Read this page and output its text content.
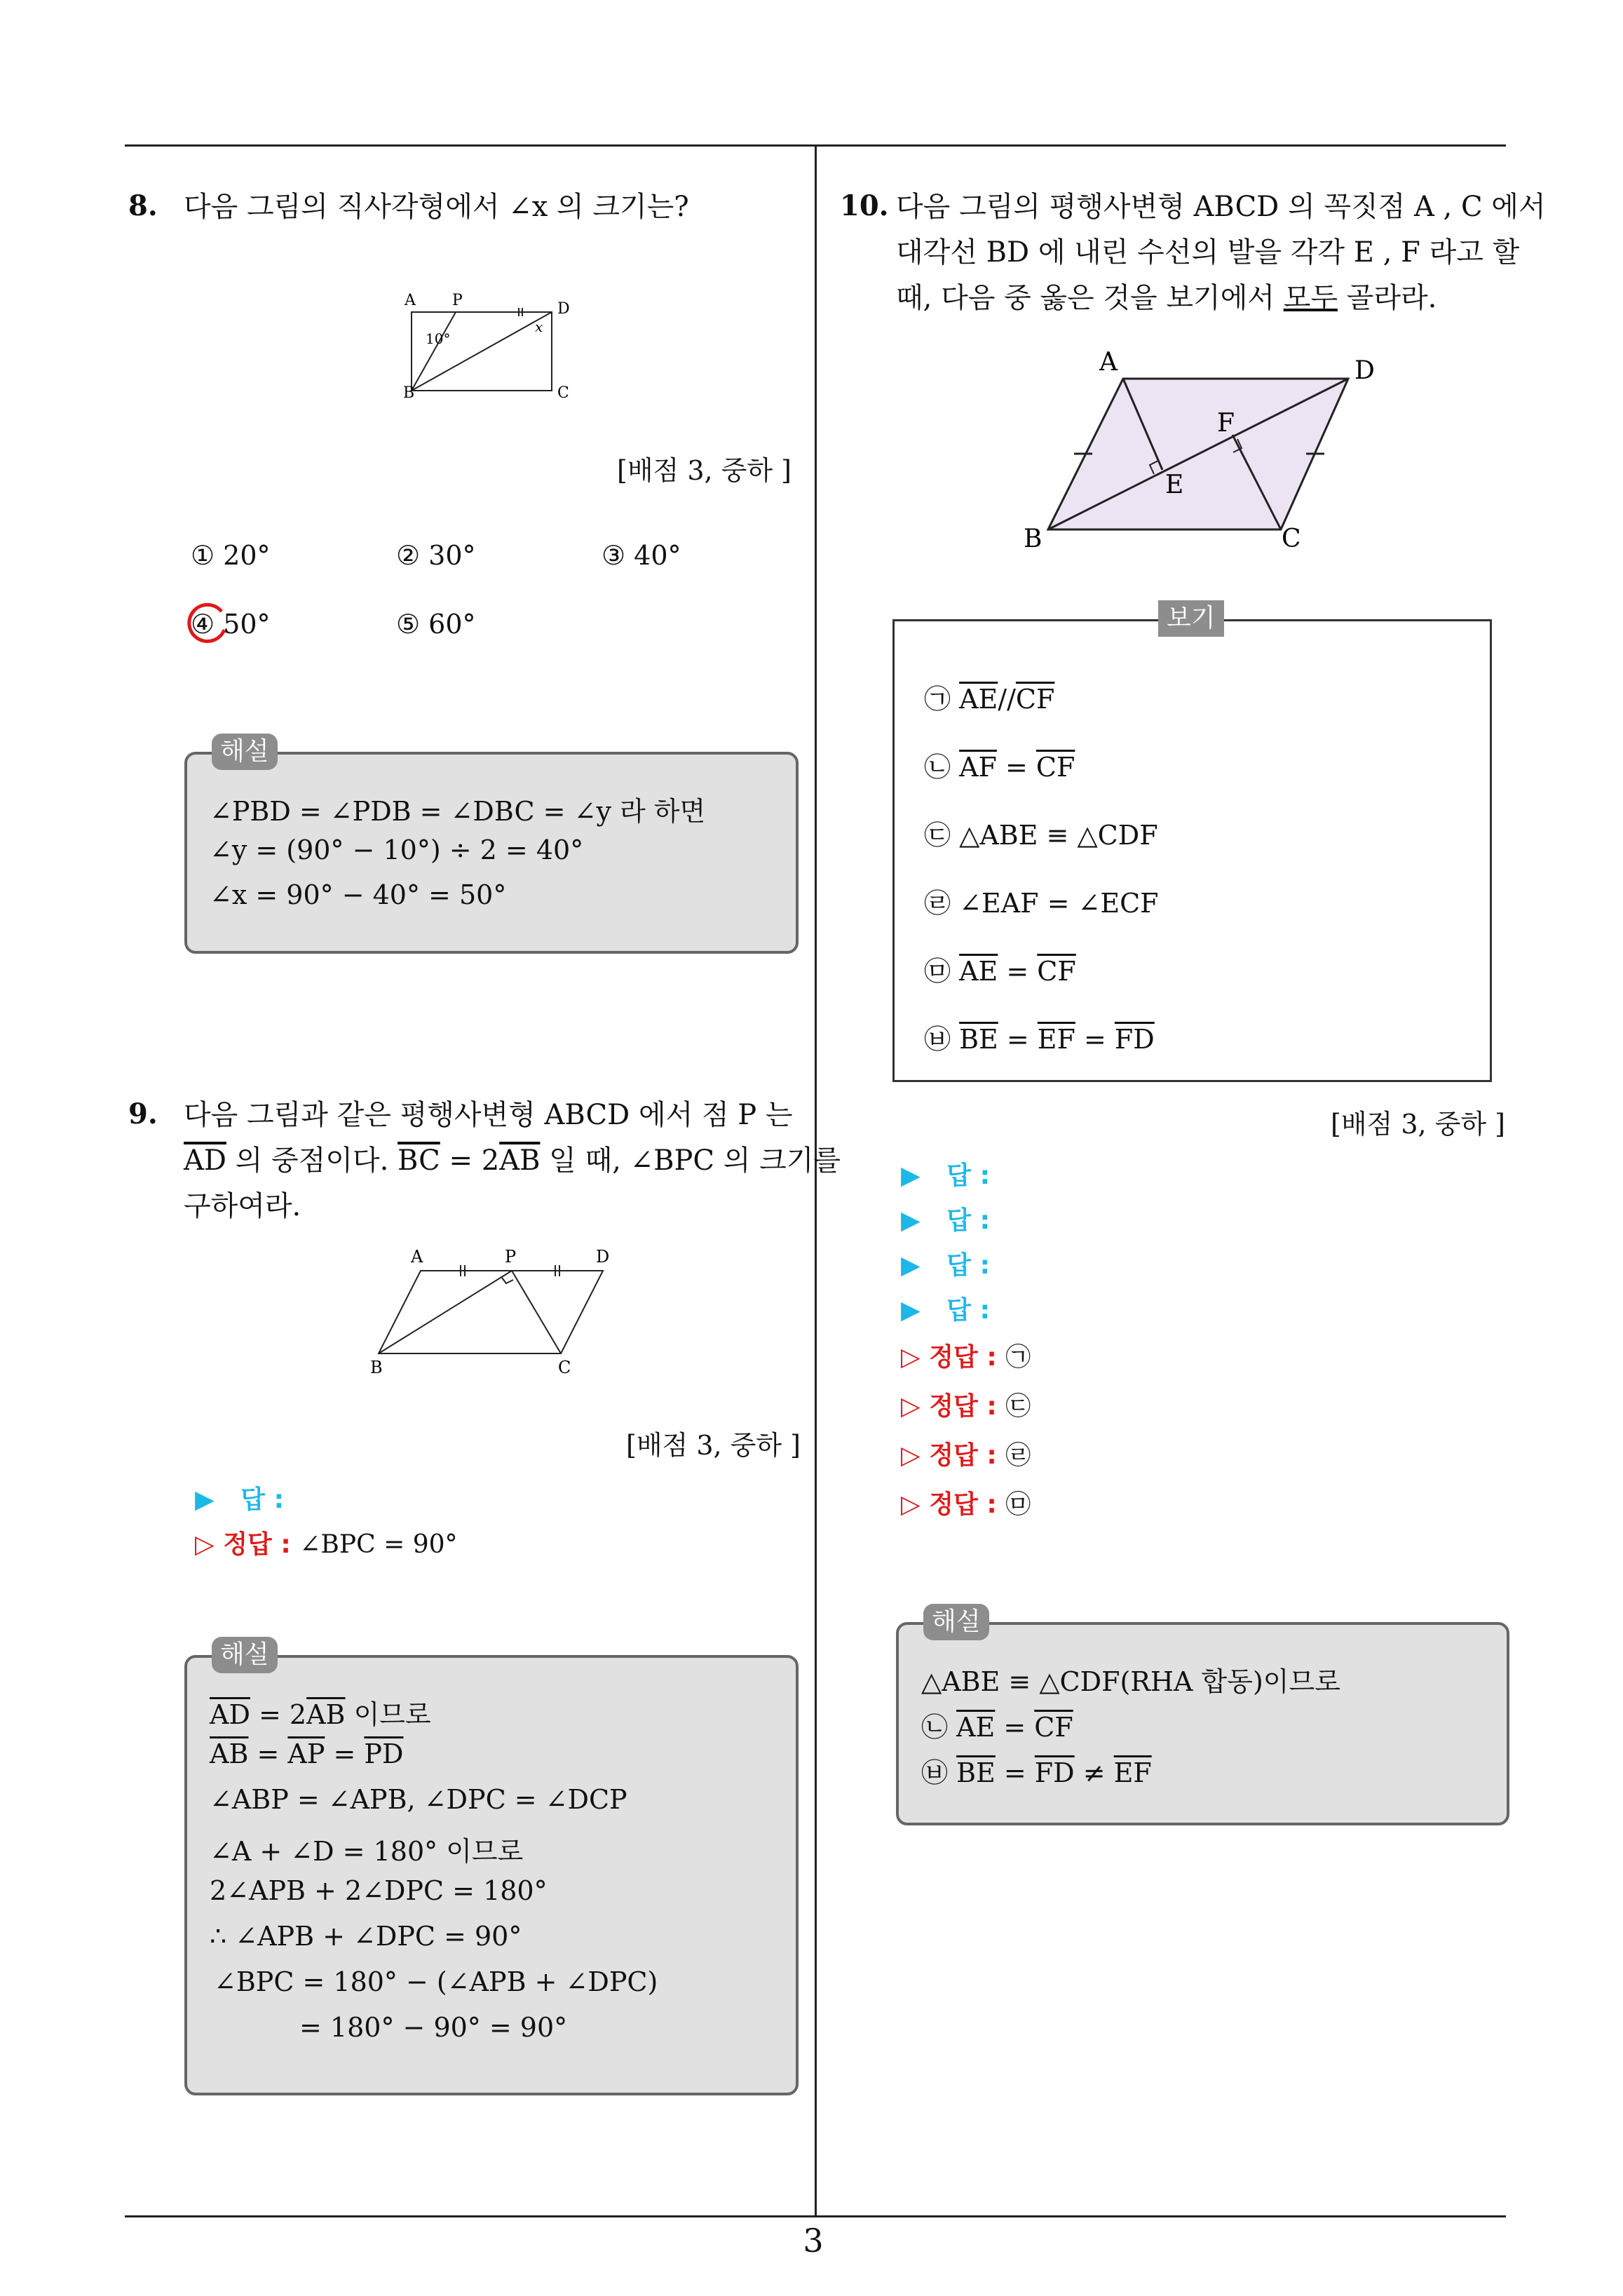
3
8. 다음 그림의 직사각형에서 ∠x 의 크기는?
A P	D
B	C
10°
x
[배점 3, 중하 ]
① 20°	② 30°	③ 40°
④ 50°	⑤ 60°
∠PBD = ∠PDB = ∠DBC = ∠y 라 하면
∠y = (90° − 10°) ÷ 2 = 40°
∠x = 90° − 40° = 50°
해설
9. 다음 그림과 같은 평행사변형 ABCD 에서 점 P 는
$\overline{AD}$ 의 중점이다. $\overline{BC} = 2\overline{AB}$ 일 때, ∠BPC 의 크기를
구하여라.
A	P	D
B	C
[배점 3, 중하 ]
▶ 답 :
▷ 정답 : ∠BPC = 90°
$\overline{AD} = 2\overline{AB}$ 이므로
$\overline{AB} = \overline{AP} = \overline{PD}$
∠ABP = ∠APB, ∠DPC = ∠DCP
∠A + ∠D = 180° 이므로
2∠APB + 2∠DPC = 180°
∴ ∠APB + ∠DPC = 90°
∠BPC = 180° − (∠APB + ∠DPC)
= 180° − 90° = 90°
해설
10. 다음 그림의 평행사변형 ABCD 의 꼭짓점 A , C 에서
대각선 BD 에 내린 수선의 발을 각각 E , F 라고 할
때, 다음 중 옳은 것을 보기에서 모두 골라라.
A	D
F
E
B	C
㉠ $\overline{AE}//\overline{CF}$
㉡ $\overline{AF} = \overline{CF}$
㉢ △ABE ≡ △CDF
㉣ ∠EAF = ∠ECF
㉤ $\overline{AE} = \overline{CF}$
㉥ $\overline{BE} = \overline{EF} = \overline{FD}$
보기
[배점 3, 중하 ]
▶ 답 :
▶ 답 :
▶ 답 :
▶ 답 :
▷ 정답 : ㉠
▷ 정답 : ㉢
▷ 정답 : ㉣
▷ 정답 : ㉤
△ABE ≡ △CDF(RHA 합동)이므로
㉡ $\overline{AE} = \overline{CF}$
㉥ $\overline{BE} = \overline{FD} \ne \overline{EF}$
해설
